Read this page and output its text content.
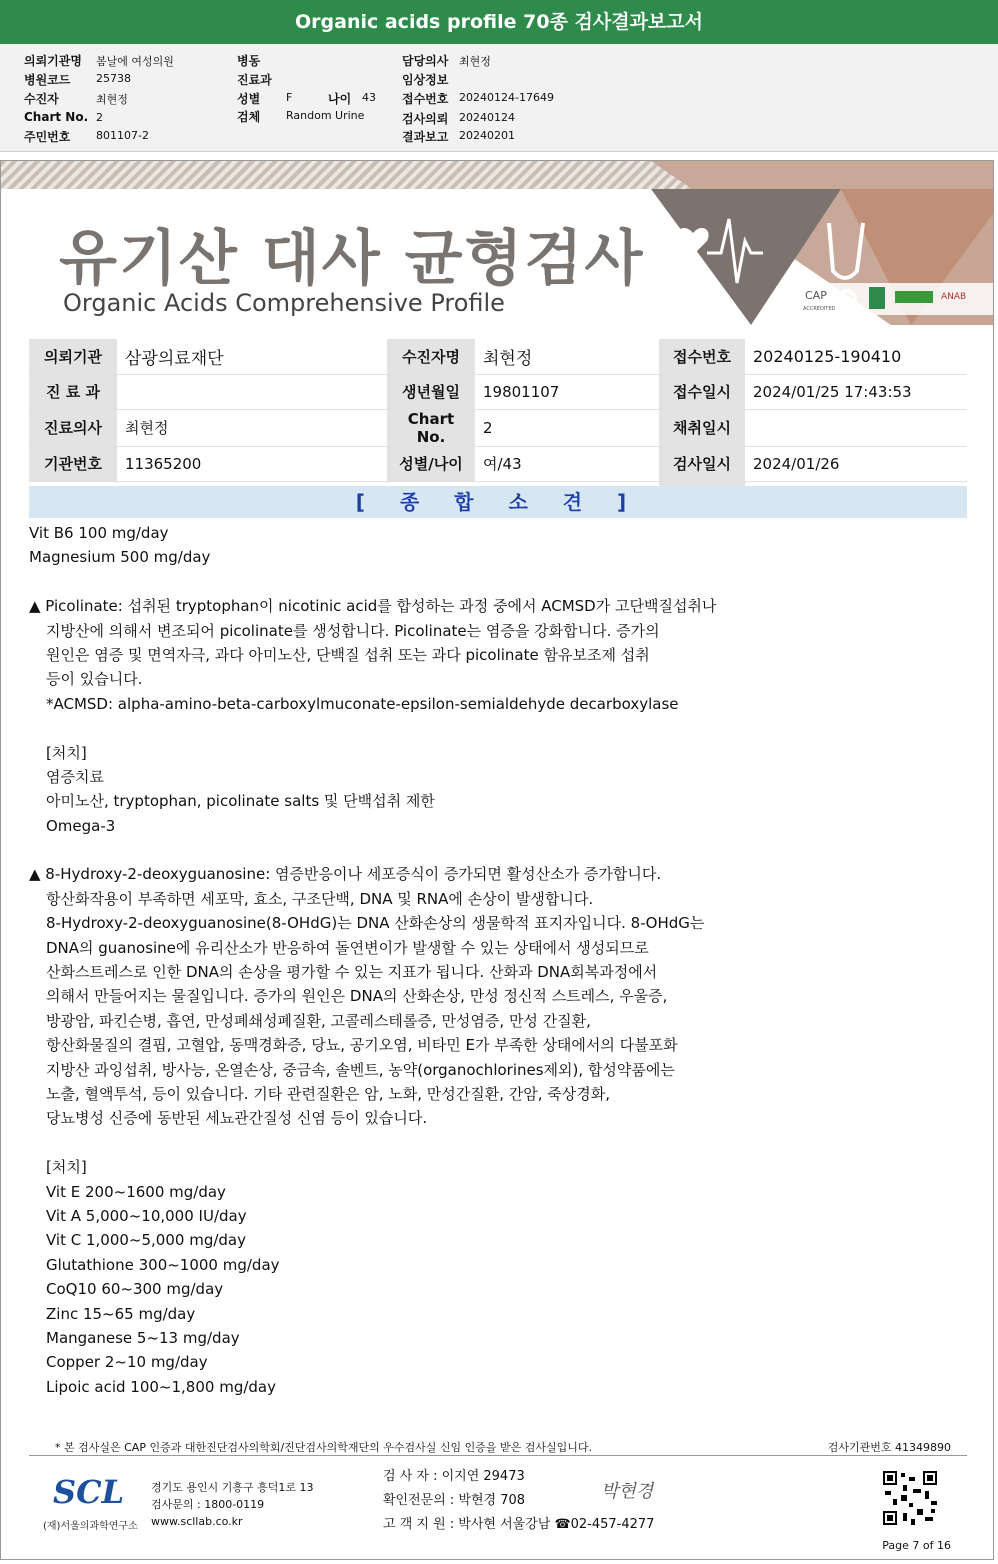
Organic acids profile 70종 검사결과보고서
의뢰기관명 봄날에 여성의원
병원코드 25738
수진자	최현정
Chart No. 2
주민번호 801107-2
병동
진료과
성별 F	나이 43
검체 Random Urine
담당의사 최현정
임상정보
접수번호 20240124-17649
검사의뢰 20240124
결과보고 20240201
유기산 대사 균형검사
Organic Acids Comprehensive Profile	CAP
ACCREDITED
ANAB
의뢰기관	삼광의료재단	수진자명	최현정	접수번호	20240125-190410
진 료 과		생년월일	19801107	접수일시	2024/01/25 17:43:53
진료의사	최현정	Chart No.	2	채취일시	
기관번호	11365200	성별/나이	여/43	검사일시	2024/01/26

[ 종 합 소 견 ]
Vit B6 100 mg/day
Magnesium 500 mg/day
▲ Picolinate: 섭취된 tryptophan이 nicotinic acid를 합성하는 과정 중에서 ACMSD가 고단백질섭취나
지방산에 의해서 변조되어 picolinate를 생성합니다. Picolinate는 염증을 강화합니다. 증가의
원인은 염증 및 면역자극, 과다 아미노산, 단백질 섭취 또는 과다 picolinate 함유보조제 섭취
등이 있습니다.
*ACMSD: alpha-amino-beta-carboxylmuconate-epsilon-semialdehyde decarboxylase
[처치]
염증치료
아미노산, tryptophan, picolinate salts 및 단백섭취 제한
Omega-3
▲ 8-Hydroxy-2-deoxyguanosine: 염증반응이나 세포증식이 증가되면 활성산소가 증가합니다.
항산화작용이 부족하면 세포막, 효소, 구조단백, DNA 및 RNA에 손상이 발생합니다.
8-Hydroxy-2-deoxyguanosine(8-OHdG)는 DNA 산화손상의 생물학적 표지자입니다. 8-OHdG는
DNA의 guanosine에 유리산소가 반응하여 돌연변이가 발생할 수 있는 상태에서 생성되므로
산화스트레스로 인한 DNA의 손상을 평가할 수 있는 지표가 됩니다. 산화과 DNA회복과정에서
의해서 만들어지는 물질입니다. 증가의 원인은 DNA의 산화손상, 만성 정신적 스트레스, 우울증,
방광암, 파킨슨병, 흡연, 만성폐쇄성폐질환, 고콜레스테롤증, 만성염증, 만성 간질환,
항산화물질의 결핍, 고혈압, 동맥경화증, 당뇨, 공기오염, 비타민 E가 부족한 상태에서의 다불포화
지방산 과잉섭취, 방사능, 온열손상, 중금속, 솔벤트, 농약(organochlorines제외), 합성약품에는
노출, 혈액투석, 등이 있습니다. 기타 관련질환은 암, 노화, 만성간질환, 간암, 죽상경화,
당뇨병성 신증에 동반된 세뇨관간질성 신염 등이 있습니다.
[처치]
Vit E 200~1600 mg/day
Vit A 5,000~10,000 IU/day
Vit C 1,000~5,000 mg/day
Glutathione 300~1000 mg/day
CoQ10 60~300 mg/day
Zinc 15~65 mg/day
Manganese 5~13 mg/day
Copper 2~10 mg/day
Lipoic acid 100~1,800 mg/day
* 본 검사실은 CAP 인증과 대한진단검사의학회/진단검사의학재단의 우수검사실 신임 인증을 받은 검사실입니다.	검사기관번호 41349890
SCL
(재)서울의과학연구소
경기도 용인시 기흥구 흥덕1로 13
검사문의 : 1800-0119
www.scllab.co.kr
검 사 자 : 이지연 29473
확인전문의 : 박현경 708
고 객 지 원 : 박사현 서울강남 ☎02-457-4277
박현경
Page 7 of 16
